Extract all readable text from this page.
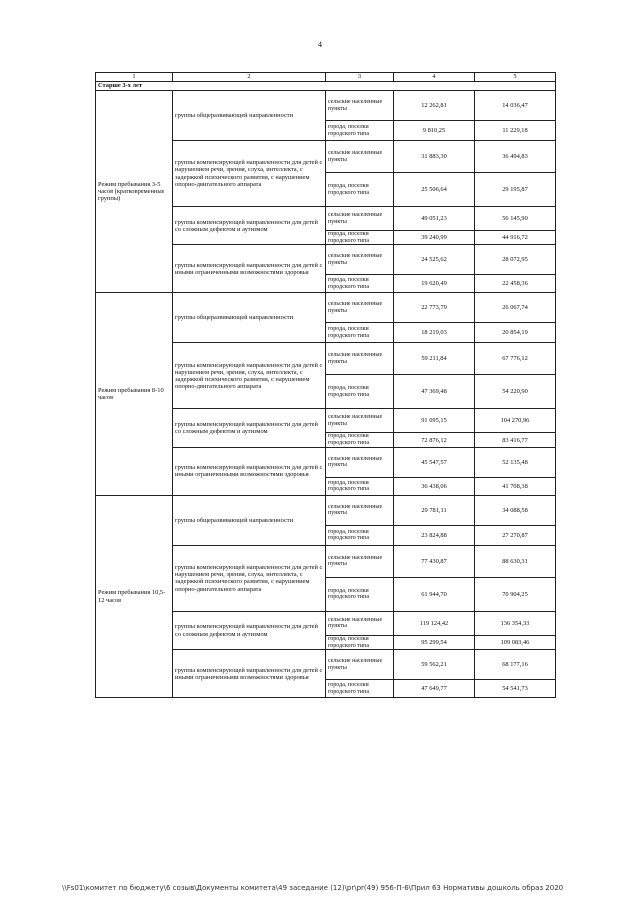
4
1	2	3	4	5
Старше 3-х лет				
Режим пребывания 3-5 часов (кратковременные группы)	группы общеразвивающей направленности	сельские населенные пункты	12 262,81	14 036,47
		города, поселки городского типа	9 810,25	11 229,18
	группы компенсирующей направленности для детей с нарушением речи, зрения, слуха, интеллекта, с задержкой психического развития, с нарушением опорно-двигательного аппарата	сельские населенные пункты	31 883,30	36 494,83
		города, поселки городского типа	25 506,64	29 195,87
	группы компенсирующей направленности для детей со сложным дефектом и аутизмом	сельские населенные пункты	49 051,23	56 145,90
		города, поселки городского типа	39 240,99	44 916,72
	группы компенсирующей направленности для детей с иными ограниченными возможностями здоровья	сельские населенные пункты	24 525,62	28 072,95
		города, поселки городского типа	19 620,49	22 458,36
Режим пребывания 8-10 часов	группы общеразвивающей направленности	сельские населенные пункты	22 773,79	26 067,74
		города, поселки городского типа	18 219,03	20 854,19
	группы компенсирующей направленности для детей с нарушением речи, зрения, слуха, интеллекта, с задержкой психического развития, с нарушением опорно-двигательного аппарата	сельские населенные пункты	59 211,84	67 776,12
		города, поселки городского типа	47 369,48	54 220,90
	группы компенсирующей направленности для детей со сложным дефектом и аутизмом	сельские населенные пункты	91 095,15	104 270,96
		города, поселки городского типа	72 876,12	83 416,77
	группы компенсирующей направленности для детей с иными ограниченными возможностями здоровья	сельские населенные пункты	45 547,57	52 135,48
		города, поселки городского типа	36 438,06	41 708,38
Режим пребывания 10,5-12 часов	группы общеразвивающей направленности	сельские населенные пункты	29 781,11	34 088,58
		города, поселки городского типа	23 824,88	27 270,87
	группы компенсирующей направленности для детей с нарушением речи, зрения, слуха, интеллекта, с задержкой психического развития, с нарушением опорно-двигательного аппарата	сельские населенные пункты	77 430,87	88 630,31
		города, поселки городского типа	61 944,70	70 904,25
	группы компенсирующей направленности для детей со сложным дефектом и аутизмом	сельские населенные пункты	119 124,42	136 354,33
		города, поселки городского типа	95 299,54	109 083,46
	группы компенсирующей направленности для детей с иными ограниченными возможностями здоровья	сельские населенные пункты	59 562,21	68 177,16
		города, поселки городского типа	47 649,77	54 541,73
\\Fs01\комитет по бюджету\6 созыв\Документы комитета\49 заседание (12)\pr\pr(49) 956-П-6\Прил 63 Нормативы дошколь образ 2020
